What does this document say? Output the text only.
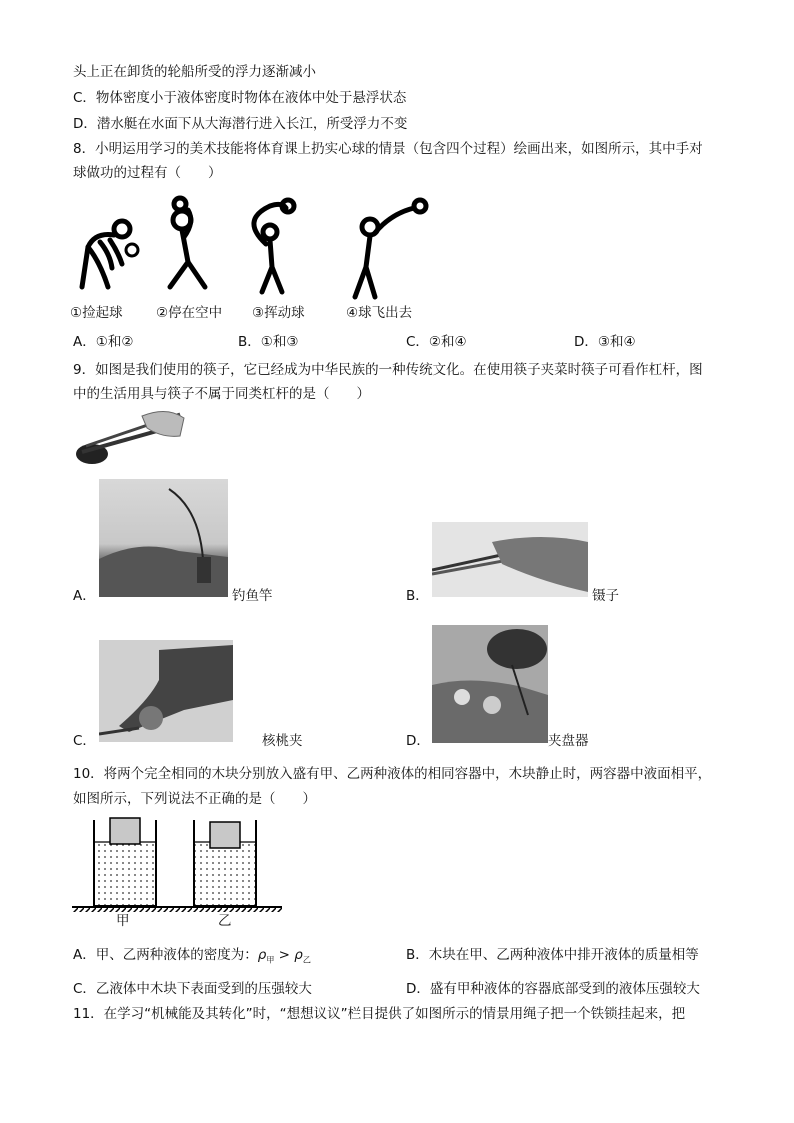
头上正在卸货的轮船所受的浮力逐渐减小
C．物体密度小于液体密度时物体在液体中处于悬浮状态
D．潜水艇在水面下从大海潜行进入长江，所受浮力不变
8．小明运用学习的美术技能将体育课上扔实心球的情景（包含四个过程）绘画出来，如图所示，其中手对
球做功的过程有（　　）
①捡起球 ②停在空中 ③挥动球	④球飞出去
A．①和②	B．①和③	C．②和④	D．③和④
9．如图是我们使用的筷子，它已经成为中华民族的一种传统文化。在使用筷子夹菜时筷子可看作杠杆，图
中的生活用具与筷子不属于同类杠杆的是（　　）
A．	钓鱼竿	B．	镊子
C．	核桃夹	D．	夹盘器
10．将两个完全相同的木块分别放入盛有甲、乙两种液体的相同容器中，木块静止时，两容器中液面相平，
如图所示，下列说法不正确的是（　　）
甲	乙
A．甲、乙两种液体的密度为：$\rho_甲 > \rho_乙$	B．木块在甲、乙两种液体中排开液体的质量相等
C．乙液体中木块下表面受到的压强较大	D．盛有甲种液体的容器底部受到的液体压强较大
11．在学习“机械能及其转化”时，“想想议议”栏目提供了如图所示的情景用绳子把一个铁锁挂起来，把
